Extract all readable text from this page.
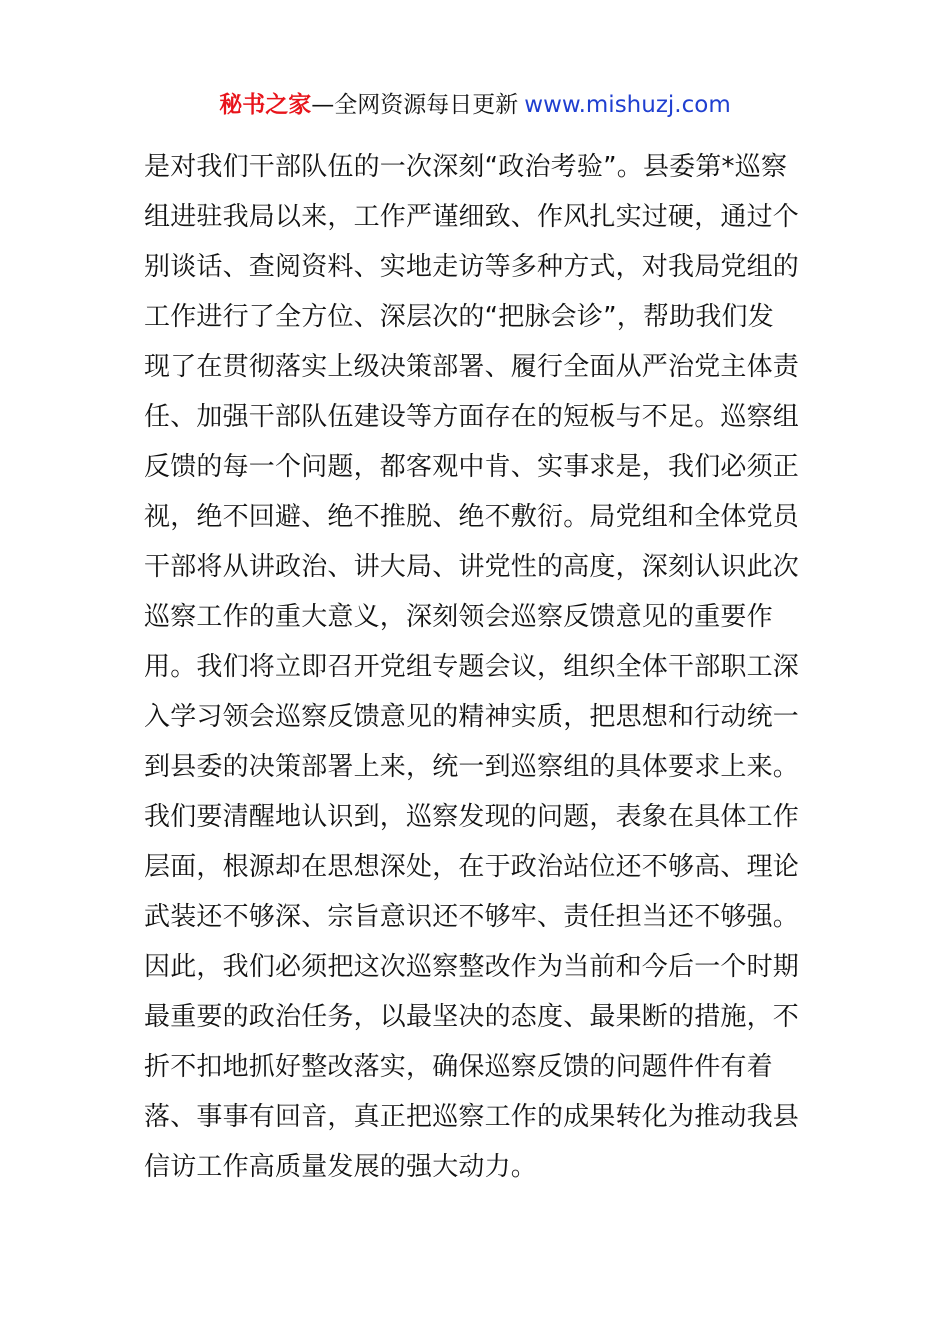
秘书之家—全网资源每日更新 www.mishuzj.com
是对我们干部队伍的一次深刻“政治考验”。县委第*巡察
组进驻我局以来，工作严谨细致、作风扎实过硬，通过个
别谈话、查阅资料、实地走访等多种方式，对我局党组的
工作进行了全方位、深层次的“把脉会诊”，帮助我们发
现了在贯彻落实上级决策部署、履行全面从严治党主体责
任、加强干部队伍建设等方面存在的短板与不足。巡察组
反馈的每一个问题，都客观中肯、实事求是，我们必须正
视，绝不回避、绝不推脱、绝不敷衍。局党组和全体党员
干部将从讲政治、讲大局、讲党性的高度，深刻认识此次
巡察工作的重大意义，深刻领会巡察反馈意见的重要作
用。我们将立即召开党组专题会议，组织全体干部职工深
入学习领会巡察反馈意见的精神实质，把思想和行动统一
到县委的决策部署上来，统一到巡察组的具体要求上来。
我们要清醒地认识到，巡察发现的问题，表象在具体工作
层面，根源却在思想深处，在于政治站位还不够高、理论
武装还不够深、宗旨意识还不够牢、责任担当还不够强。
因此，我们必须把这次巡察整改作为当前和今后一个时期
最重要的政治任务，以最坚决的态度、最果断的措施，不
折不扣地抓好整改落实，确保巡察反馈的问题件件有着
落、事事有回音，真正把巡察工作的成果转化为推动我县
信访工作高质量发展的强大动力。
